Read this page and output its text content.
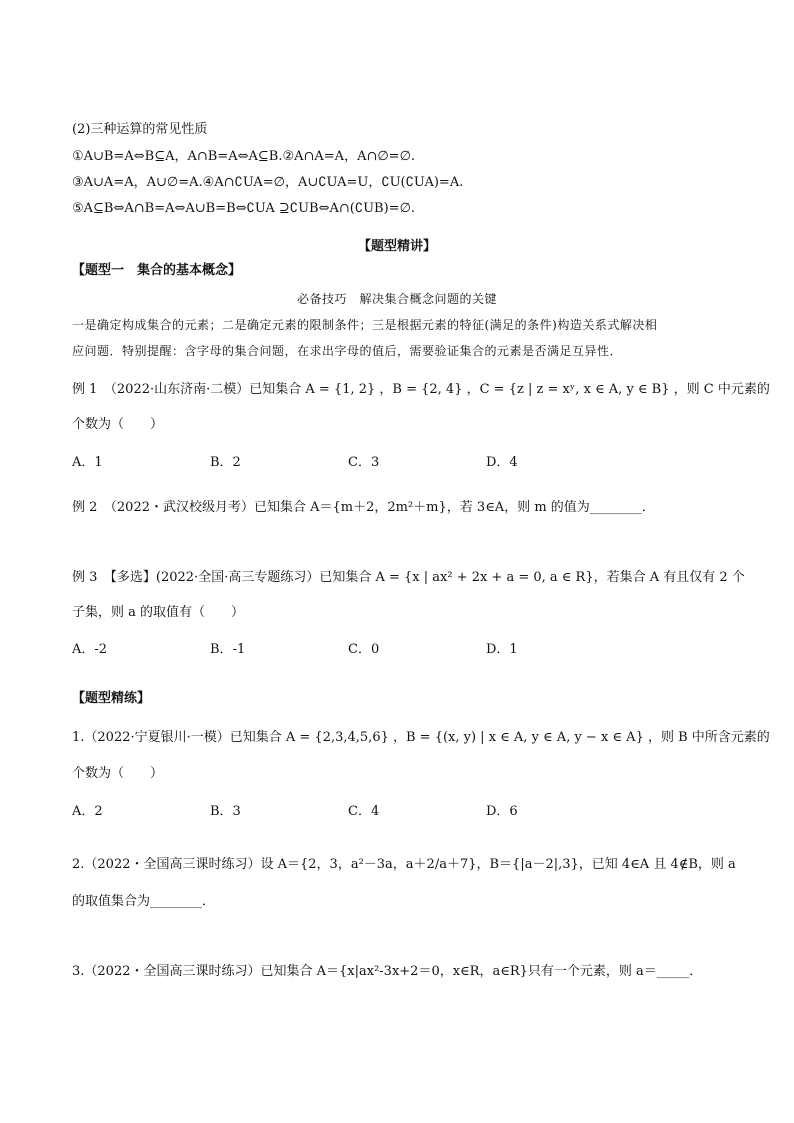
(2)三种运算的常见性质
①A∪B=A⇔B⊆A，A∩B=A⇔A⊆B.②A∩A=A，A∩∅=∅.
③A∪A=A，A∪∅=A.④A∩∁UA=∅，A∪∁UA=U，∁U(∁UA)=A.
⑤A⊆B⇔A∩B=A⇔A∪B=B⇔∁UA ⊇∁UB⇔A∩(∁UB)=∅.
【题型精讲】
【题型一　集合的基本概念】
必备技巧　解决集合概念问题的关键
一是确定构成集合的元素；二是确定元素的限制条件；三是根据元素的特征(满足的条件)构造关系式解决相
应问题．特别提醒：含字母的集合问题，在求出字母的值后，需要验证集合的元素是否满足互异性．
例 1　（2022·山东济南·二模）已知集合 A = {1, 2} ，B = {2, 4} ，C = {z | z = xʸ, x ∈ A, y ∈ B} ，则 C 中元素的
个数为（　　）
A．1	B．2	C．3	D．4
例 2　（2022・武汉校级月考）已知集合 A＝{m＋2，2m²＋m}，若 3∈A，则 m 的值为________．
例 3　【多选】(2022·全国·高三专题练习）已知集合 A = {x | ax² + 2x + a = 0, a ∈ R}，若集合 A 有且仅有 2 个
子集，则 a 的取值有（　　）
A．-2	B．-1	C．0	D．1
【题型精练】
1.（2022·宁夏银川·一模）已知集合 A = {2,3,4,5,6} ，B = {(x, y) | x ∈ A, y ∈ A, y − x ∈ A} ，则 B 中所含元素的
个数为（　　）
A．2	B．3	C．4	D．6
2.（2022・全国高三课时练习）设 A＝{2，3，a²－3a，a＋2/a＋7}，B＝{|a－2|,3}，已知 4∈A 且 4∉B，则 a
的取值集合为________．
3.（2022・全国高三课时练习）已知集合 A＝{x|ax²-3x+2＝0，x∈R，a∈R}只有一个元素，则 a＝_____．
